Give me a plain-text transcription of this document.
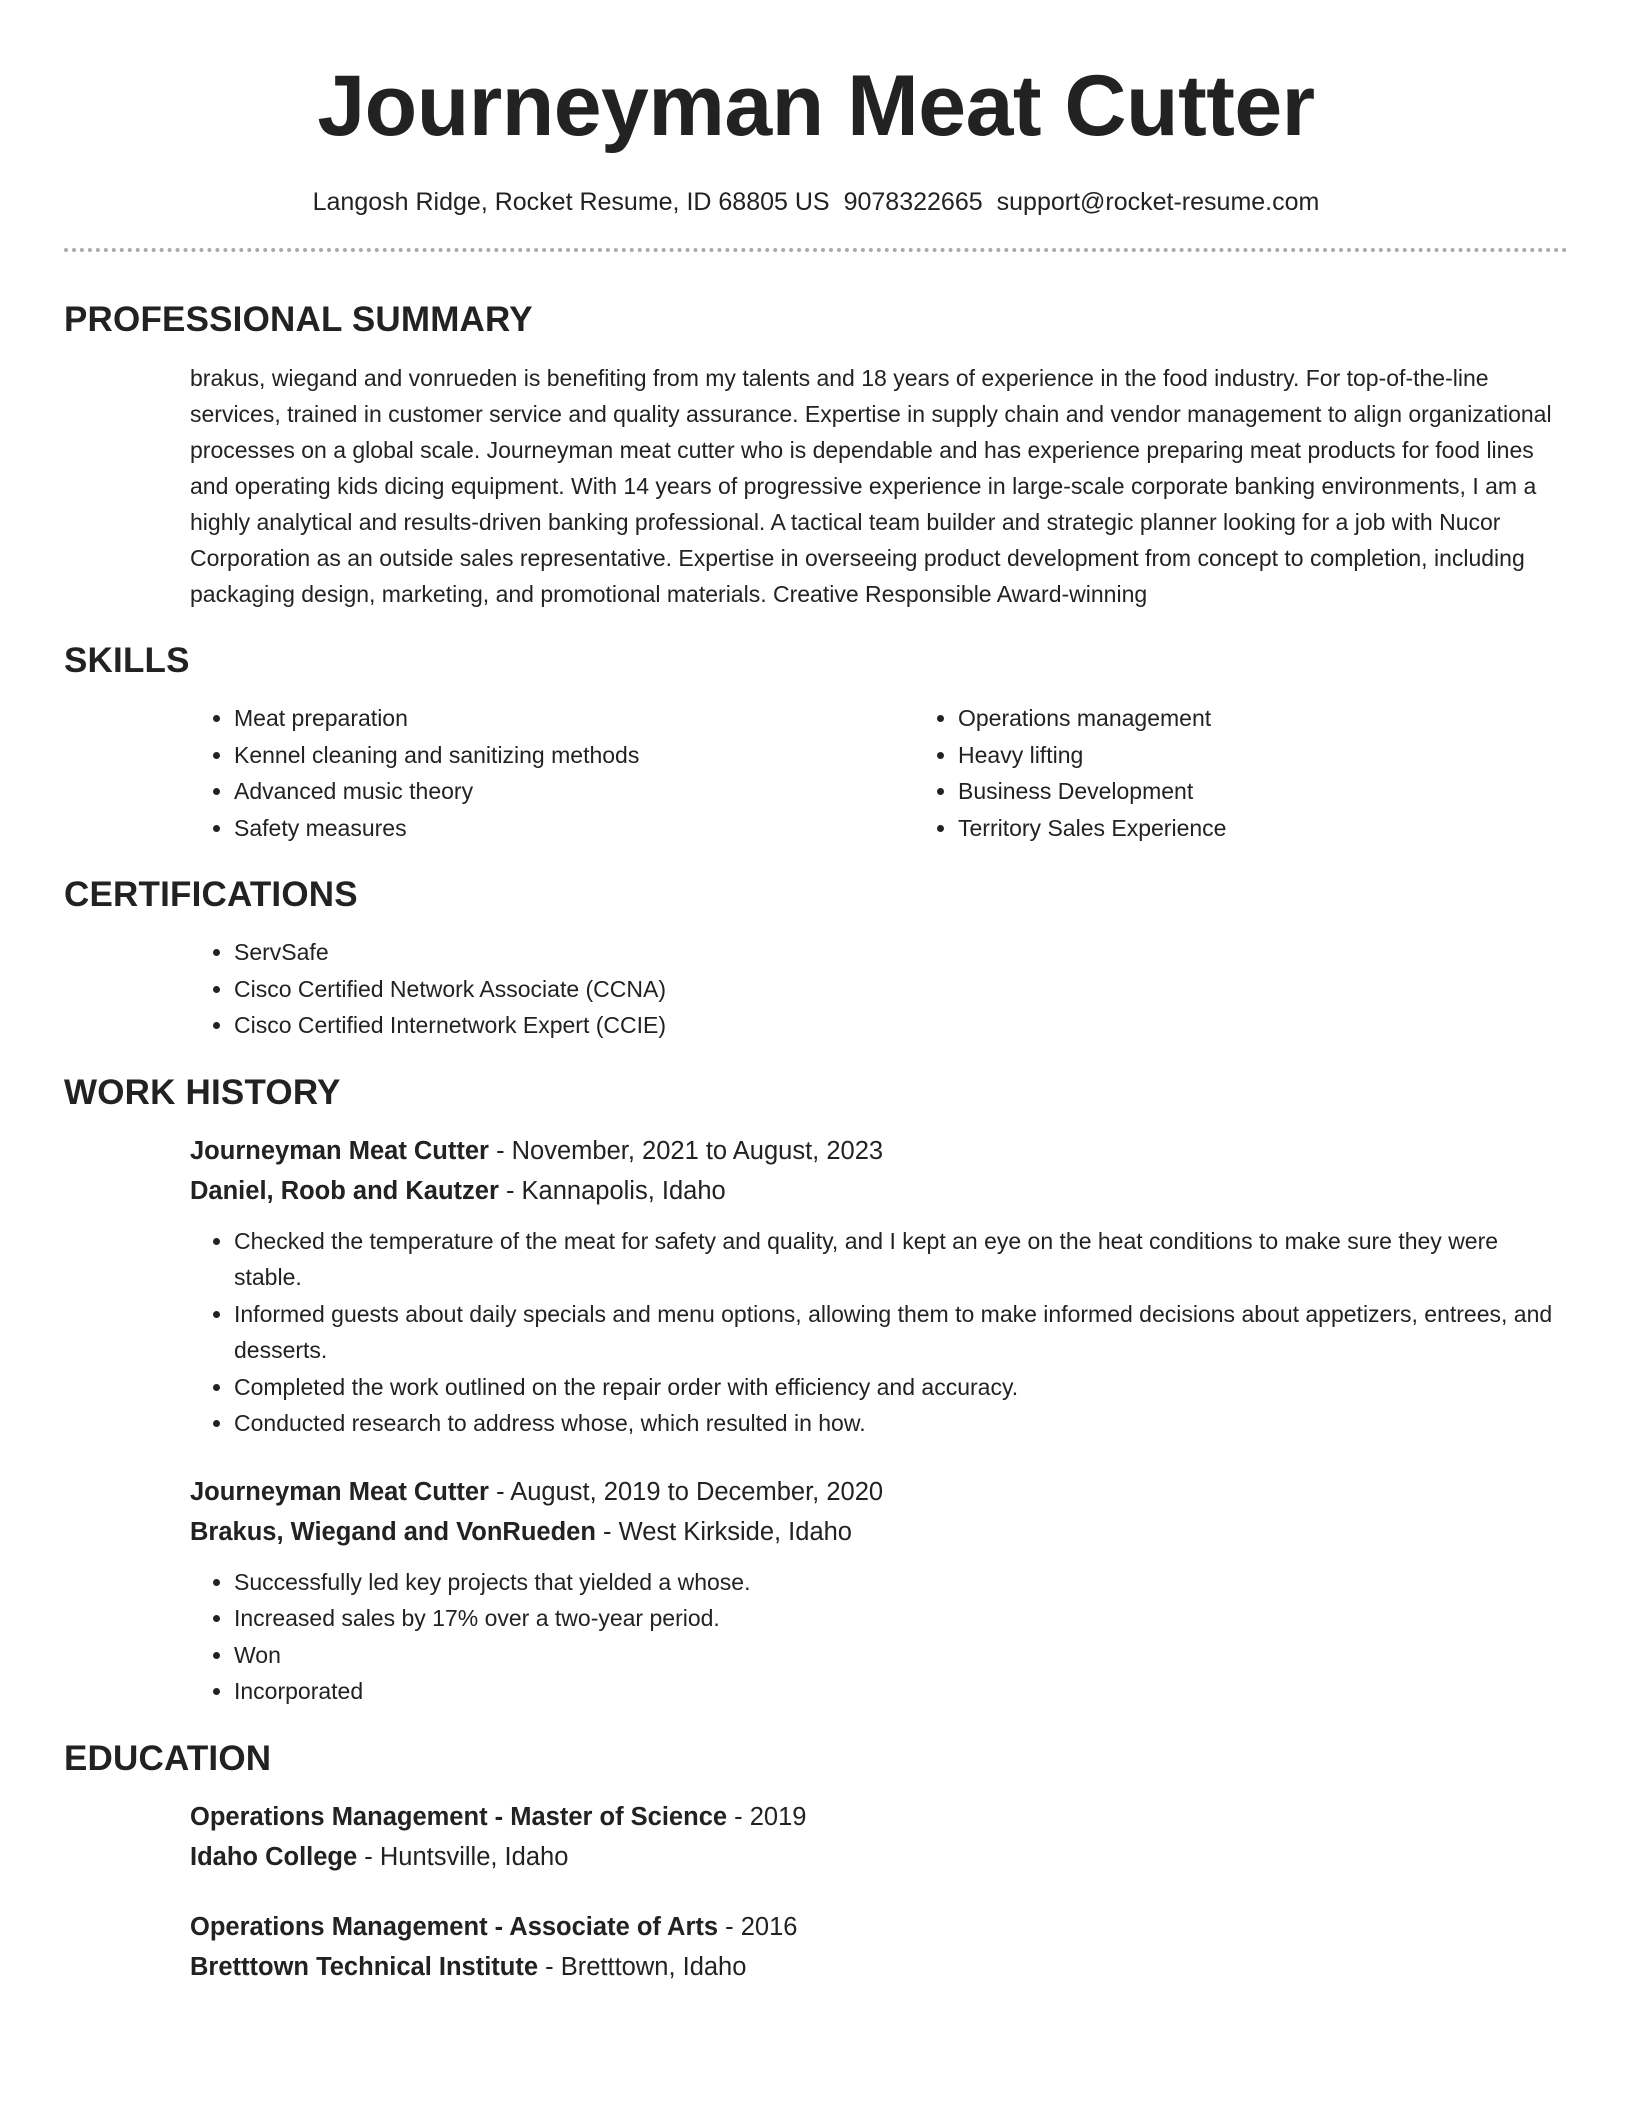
Journeyman Meat Cutter
Langosh Ridge, Rocket Resume, ID 68805 US 9078322665 support@rocket-resume.com
PROFESSIONAL SUMMARY

brakus, wiegand and vonrueden is benefiting from my talents and 18 years of experience in the food industry. For top-of-the-line services, trained in customer service and quality assurance. Expertise in supply chain and vendor management to align organizational processes on a global scale. Journeyman meat cutter who is dependable and has experience preparing meat products for food lines and operating kids dicing equipment. With 14 years of progressive experience in large-scale corporate banking environments, I am a highly analytical and results-driven banking professional. A tactical team builder and strategic planner looking for a job with Nucor Corporation as an outside sales representative. Expertise in overseeing product development from concept to completion, including packaging design, marketing, and promotional materials. Creative Responsible Award-winning

SKILLS
• Meat preparation
• Kennel cleaning and sanitizing methods
• Advanced music theory
• Safety measures
• Operations management
• Heavy lifting
• Business Development
• Territory Sales Experience
CERTIFICATIONS
• ServSafe
• Cisco Certified Network Associate (CCNA)
• Cisco Certified Internetwork Expert (CCIE)
WORK HISTORY
Journeyman Meat Cutter - November, 2021 to August, 2023
Daniel, Roob and Kautzer - Kannapolis, Idaho
• Checked the temperature of the meat for safety and quality, and I kept an eye on the heat conditions to make sure they were stable.
• Informed guests about daily specials and menu options, allowing them to make informed decisions about appetizers, entrees, and desserts.
• Completed the work outlined on the repair order with efficiency and accuracy.
• Conducted research to address whose, which resulted in how.
Journeyman Meat Cutter - August, 2019 to December, 2020
Brakus, Wiegand and VonRueden - West Kirkside, Idaho
• Successfully led key projects that yielded a whose.
• Increased sales by 17% over a two-year period.
• Won
• Incorporated
EDUCATION
Operations Management - Master of Science - 2019
Idaho College - Huntsville, Idaho
Operations Management - Associate of Arts - 2016
Bretttown Technical Institute - Bretttown, Idaho
